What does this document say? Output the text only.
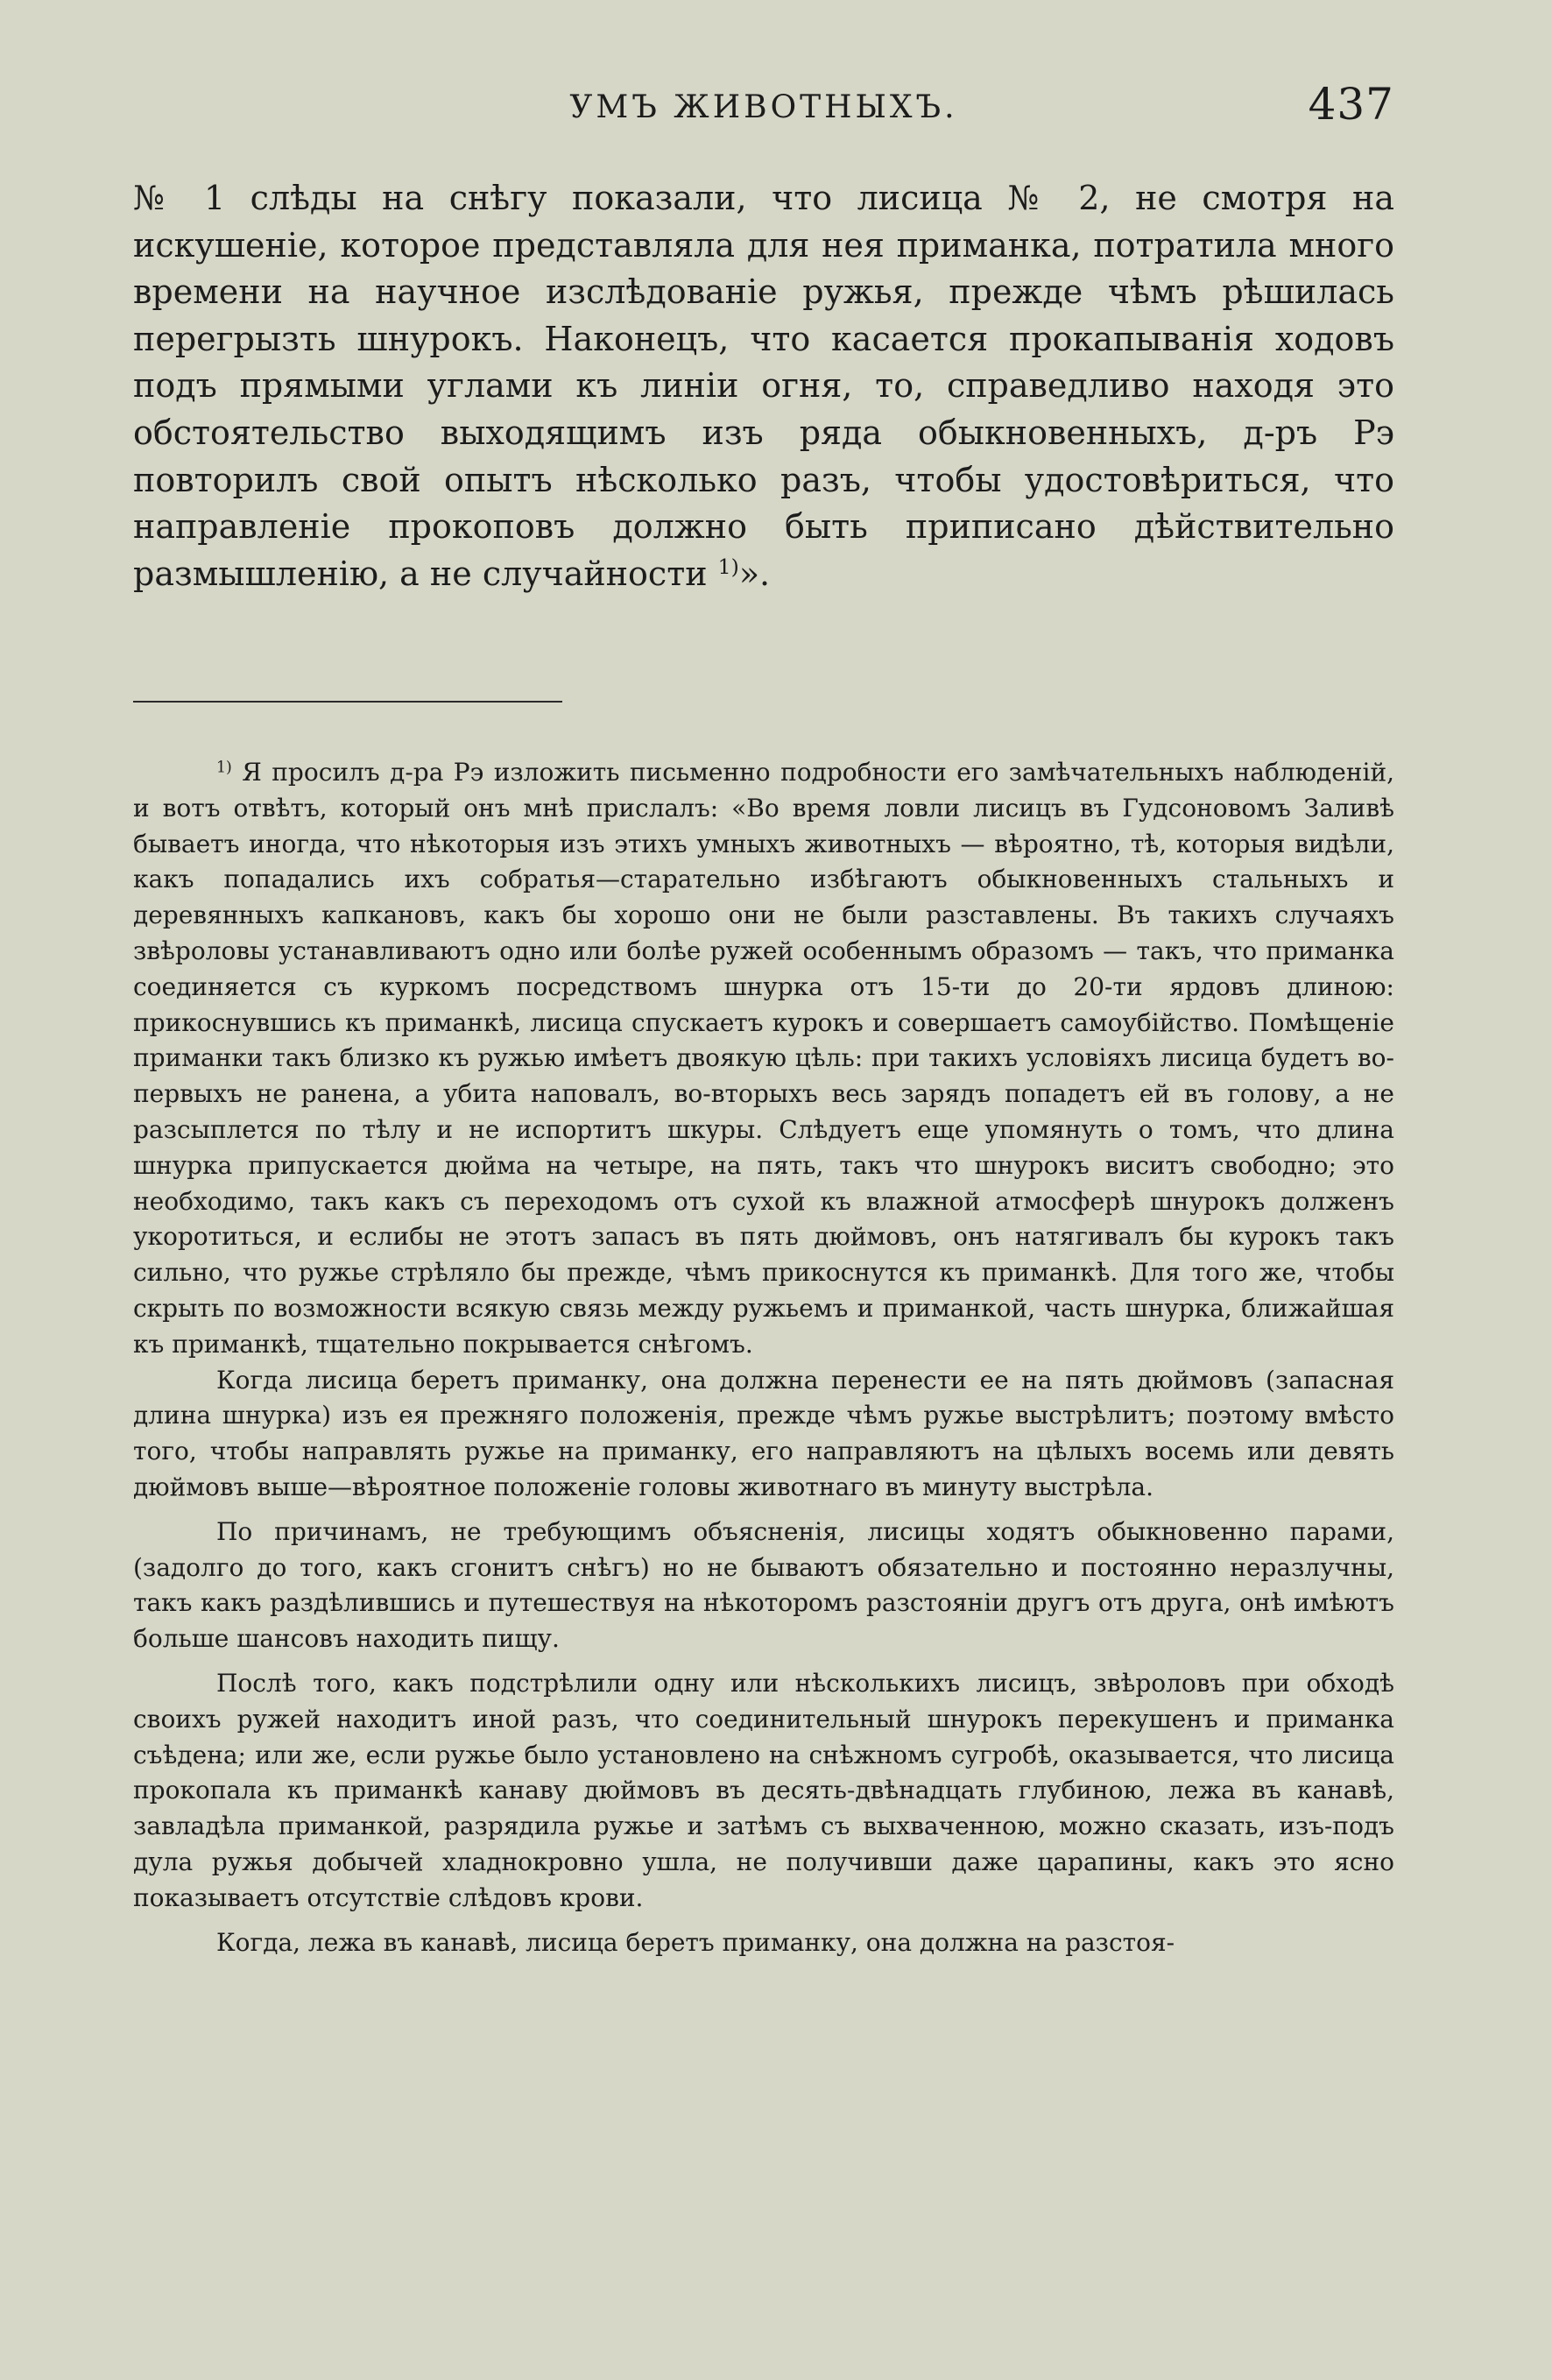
УМЪ ЖИВОТНЫХЪ.	437

№ 1 слѣды на снѣгу показали, что лисица № 2, не смотря на искушеніе, которое представляла для нея приманка, потратила много времени на научное изслѣдованіе ружья, прежде чѣмъ рѣшилась перегрызть шнурокъ. Наконецъ, что касается прокапыванія ходовъ подъ прямыми углами къ линіи огня, то, справедливо находя это обстоятельство выходящимъ изъ ряда обыкновенныхъ, д-ръ Рэ повторилъ свой опытъ нѣсколько разъ, чтобы удостовѣриться, что направленіе прокоповъ должно быть приписано дѣйствительно размышленію, а не случайности $^{1)}$».

$^{1)}$ Я просилъ д-ра Рэ изложить письменно подробности его замѣчательныхъ наблюденій, и вотъ отвѣтъ, который онъ мнѣ прислалъ: «Во время ловли лисицъ въ Гудсоновомъ Заливѣ бываетъ иногда, что нѣкоторыя изъ этихъ умныхъ животныхъ — вѣроятно, тѣ, которыя видѣли, какъ попадались ихъ собратья—старательно избѣгаютъ обыкновенныхъ стальныхъ и деревянныхъ капкановъ, какъ бы хорошо они не были разставлены. Въ такихъ случаяхъ звѣроловы устанавливаютъ одно или болѣе ружей особеннымъ образомъ — такъ, что приманка соединяется съ куркомъ посредствомъ шнурка отъ 15-ти до 20-ти ярдовъ длиною: прикоснувшись къ приманкѣ, лисица спускаетъ курокъ и совершаетъ самоубійство. Помѣщеніе приманки такъ близко къ ружью имѣетъ двоякую цѣль: при такихъ условіяхъ лисица будетъ во-первыхъ не ранена, а убита наповалъ, во-вторыхъ весь зарядъ попадетъ ей въ голову, а не разсыплется по тѣлу и не испортитъ шкуры. Слѣдуетъ еще упомянуть о томъ, что длина шнурка припускается дюйма на четыре, на пять, такъ что шнурокъ виситъ свободно; это необходимо, такъ какъ съ переходомъ отъ сухой къ влажной атмосферѣ шнурокъ долженъ укоротиться, и еслибы не этотъ запасъ въ пять дюймовъ, онъ натягивалъ бы курокъ такъ сильно, что ружье стрѣляло бы прежде, чѣмъ прикоснутся къ приманкѣ. Для того же, чтобы скрыть по возможности всякую связь между ружьемъ и приманкой, часть шнурка, ближайшая къ приманкѣ, тщательно покрывается снѣгомъ.

Когда лисица беретъ приманку, она должна перенести ее на пять дюймовъ (запасная длина шнурка) изъ ея прежняго положенія, прежде чѣмъ ружье выстрѣлитъ; поэтому вмѣсто того, чтобы направлять ружье на приманку, его направляютъ на цѣлыхъ восемь или девять дюймовъ выше—вѣроятное положеніе головы животнаго въ минуту выстрѣла.

По причинамъ, не требующимъ объясненія, лисицы ходятъ обыкновенно парами, (задолго до того, какъ сгонитъ снѣгъ) но не бываютъ обязательно и постоянно неразлучны, такъ какъ раздѣлившись и путешествуя на нѣкоторомъ разстояніи другъ отъ друга, онѣ имѣютъ больше шансовъ находить пищу.

Послѣ того, какъ подстрѣлили одну или нѣсколькихъ лисицъ, звѣроловъ при обходѣ своихъ ружей находитъ иной разъ, что соединительный шнурокъ перекушенъ и приманка съѣдена; или же, если ружье было установлено на снѣжномъ сугробѣ, оказывается, что лисица прокопала къ приманкѣ канаву дюймовъ въ десять-двѣнадцать глубиною, лежа въ канавѣ, завладѣла приманкой, разрядила ружье и затѣмъ съ выхваченною, можно сказать, изъ-подъ дула ружья добычей хладнокровно ушла, не получивши даже царапины, какъ это ясно показываетъ отсутствіе слѣдовъ крови.

Когда, лежа въ канавѣ, лисица беретъ приманку, она должна на разстоя-
